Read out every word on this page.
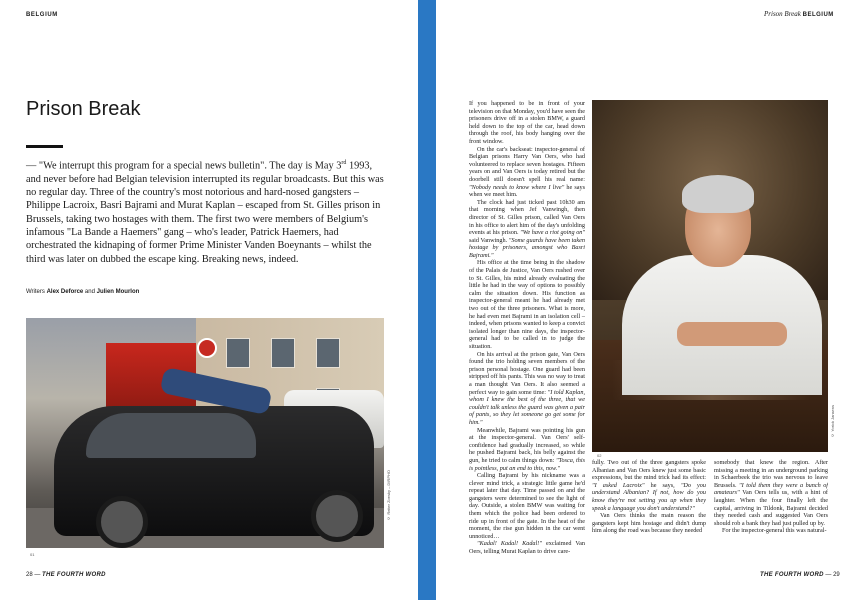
BELGIUM
Prison Break

— "We interrupt this program for a special news bulletin". The day is May 3rd 1993, and never before had Belgian television interrupted its regular broadcasts. But this was no regular day. Three of the country's most notorious and hard-nosed gangsters – Philippe Lacroix, Basri Bajrami and Murat Kaplan – escaped from St. Gilles prison in Brussels, taking two hostages with them. The first two were members of Belgium's infamous "La Bande a Haemers" gang – who's leader, Patrick Haemers, had orchestrated the kidnaping of former Prime Minister Vanden Boeynants – whilst the third was later on dubbed the escape king. Breaking news, indeed.

Writers Alex Deforce and Julien Mourlon
01
© Reiter Zoesky – DIRPHO
28 — THE FOURTH WORD
Prison Break BELGIUM

If you happened to be in front of your television on that Monday, you'd have seen the prisoners drive off in a stolen BMW, a guard held down to the top of the car, head down through the roof, his body hanging over the front window.

On the car's backseat: inspector-general of Belgian prisons Harry Van Oers, who had volunteered to replace seven hostages. Fifteen years on and Van Oers is today retired but the doorbell still doesn't spell his real name: "Nobody needs to know where I live" he says when we meet him.

The clock had just ticked past 10h30 am that morning when Jef Vanwingh, then director of St. Gilles prison, called Van Oers in his office to alert him of the day's unfolding events at his prison. "We have a riot going on" said Vanwingh. "Some guards have been taken hostage by prisoners, amongst who Basri Bajrami."

His office at the time being in the shadow of the Palais de Justice, Van Oers rushed over to St. Gilles, his mind already evaluating the little he had in the way of options to possibly calm the situation down. His function as inspector-general meant he had already met two out of the three prisoners. What is more, he had even met Bajrami in an isolation cell – indeed, when prisons wanted to keep a convict isolated longer than nine days, the inspector-general had to be called in to judge the situation.

On his arrival at the prison gate, Van Oers found the trio holding seven members of the prison personal hostage. One guard had been stripped off his pants. This was no way to treat a man thought Van Oers. It also seemed a perfect way to gain some time: "I told Kaplan, whom I knew the best of the three, that we couldn't talk unless the guard was given a pair of pants, so they let someone go get some for him."

Meanwhile, Bajrami was pointing his gun at the inspector-general. Van Oers' self-confidence had gradually increased, so while he pushed Bajrami back, his belly against the gun, he tried to calm things down: "Tosca, this is pointless, put an end to this, now."

Calling Bajrami by his nickname was a clever mind trick, a strategic little game he'd repeat later that day. Time passed on and the gangsters were determined to see the light of day. Outside, a stolen BMW was waiting for them which the police had been ordered to ride up in front of the gate. In the heat of the moment, the rise gun hidden in the car went unnoticed…

"Kadal! Kadal! Kadal!" exclaimed Van Oers, telling Murat Kaplan to drive care-

02
© Yorick Jansens

fully. Two out of the three gangsters spoke Albanian and Van Oers knew just some basic expressions, but the mind trick had its effect: "I asked Lacroix" he says, "Do you understand Albanian? If not, how do you know they're not setting you up when they speak a language you don't understand?"

Van Oers thinks the main reason the gangsters kept him hostage and didn't dump him along the road was because they needed

somebody that knew the region. After missing a meeting in an underground parking in Schaerbeek the trio was nervous to leave Brussels. "I told them they were a bunch of amateurs" Van Oers tells us, with a hint of laughter. When the four finally left the capital, arriving in Tildonk, Bajrami decided they needed cash and suggested Van Oers should rob a bank they had just pulled up by.

For the inspector-general this was natural-

THE FOURTH WORD — 29
